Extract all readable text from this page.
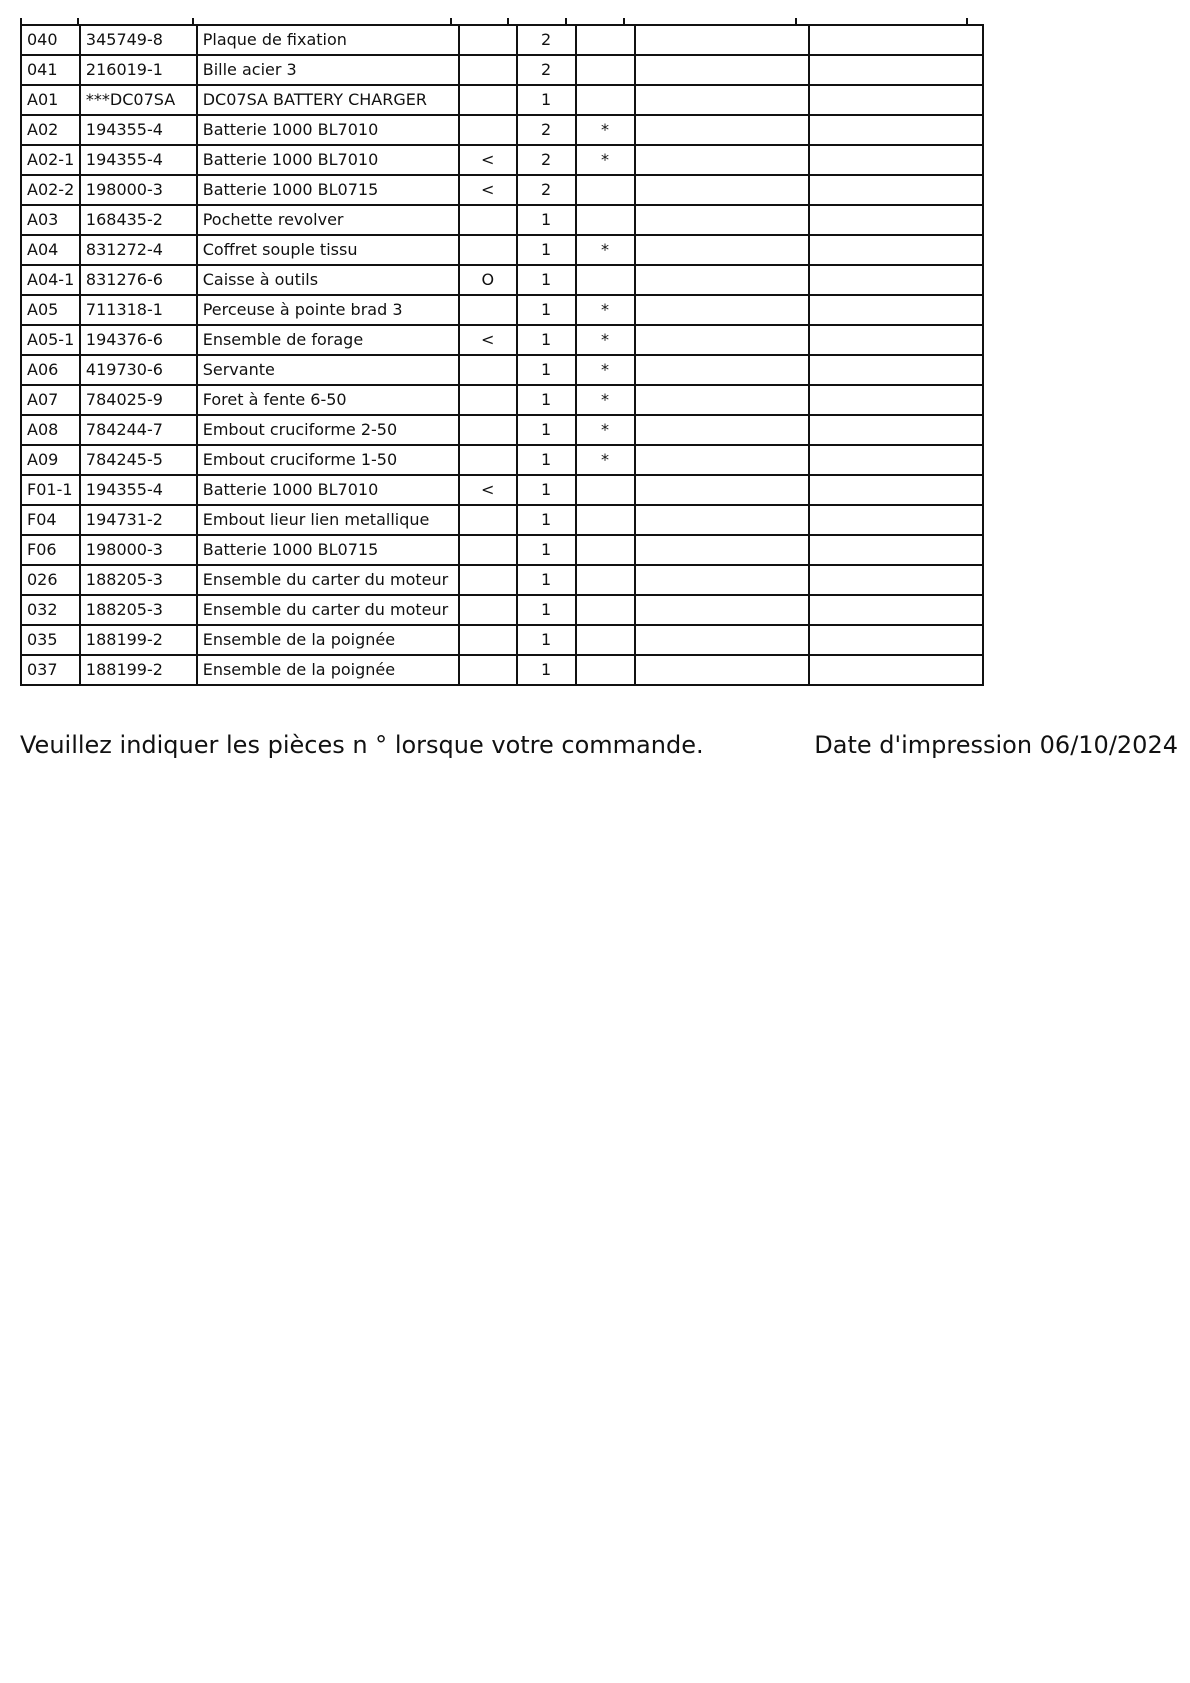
040	345749-8	Plaque de fixation		2			
041	216019-1	Bille acier 3		2			
A01	***DC07SA	DC07SA BATTERY CHARGER		1			
A02	194355-4	Batterie 1000 BL7010		2	*		
A02-1	194355-4	Batterie 1000 BL7010	<	2	*		
A02-2	198000-3	Batterie 1000 BL0715	<	2			
A03	168435-2	Pochette revolver		1			
A04	831272-4	Coffret souple tissu		1	*		
A04-1	831276-6	Caisse à outils	O	1			
A05	711318-1	Perceuse à pointe brad 3		1	*		
A05-1	194376-6	Ensemble de forage	<	1	*		
A06	419730-6	Servante		1	*		
A07	784025-9	Foret à fente 6-50		1	*		
A08	784244-7	Embout cruciforme 2-50		1	*		
A09	784245-5	Embout cruciforme 1-50		1	*		
F01-1	194355-4	Batterie 1000 BL7010	<	1			
F04	194731-2	Embout lieur lien metallique		1			
F06	198000-3	Batterie 1000 BL0715		1			
026	188205-3	Ensemble du carter du moteur		1			
032	188205-3	Ensemble du carter du moteur		1			
035	188199-2	Ensemble de la poignée		1			
037	188199-2	Ensemble de la poignée		1			
Veuillez indiquer les pièces n ° lorsque votre commande.	Date d'impression 06/10/2024
